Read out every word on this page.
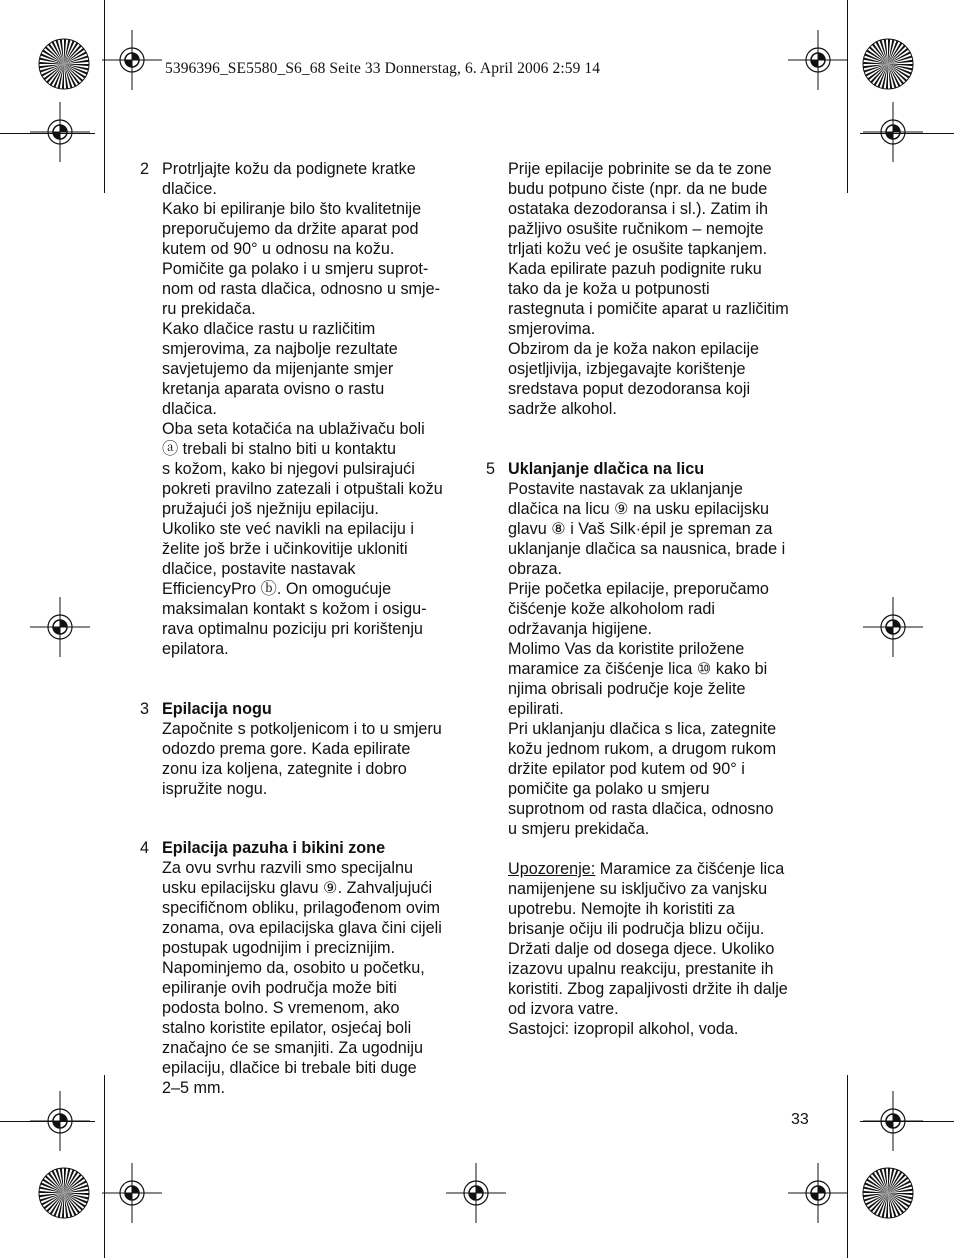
5396396_SE5580_S6_68 Seite 33 Donnerstag, 6. April 2006 2:59 14
2 Protrljajte kožu da podignete kratke

dlačice.

Kako bi epiliranje bilo što kvalitetnije

preporučujemo da držite aparat pod

kutem od 90° u odnosu na kožu.

Pomičite ga polako i u smjeru suprot-

nom od rasta dlačica, odnosno u smje-

ru prekidača.

Kako dlačice rastu u različitim

smjerovima, za najbolje rezultate

savjetujemo da mijenjante smjer

kretanja aparata ovisno o rastu

dlačica.

Oba seta kotačića na ublaživaču boli

ⓐ trebali bi stalno biti u kontaktu

s kožom, kako bi njegovi pulsirajući

pokreti pravilno zatezali i otpuštali kožu

pružajući još nježniju epilaciju.

Ukoliko ste već navikli na epilaciju i

želite još brže i učinkovitije ukloniti

dlačice, postavite nastavak

EfficiencyPro ⓑ. On omogućuje

maksimalan kontakt s kožom i osigu-

rava optimalnu poziciju pri korištenju

epilatora.

3 Epilacija nogu

Započnite s potkoljenicom i to u smjeru

odozdo prema gore. Kada epilirate

zonu iza koljena, zategnite i dobro

ispružite nogu.

4 Epilacija pazuha i bikini zone

Za ovu svrhu razvili smo specijalnu

usku epilacijsku glavu ⑨. Zahvaljujući

specifičnom obliku, prilagođenom ovim

zonama, ova epilacijska glava čini cijeli

postupak ugodnijim i preciznijim.

Napominjemo da, osobito u početku,

epiliranje ovih područja može biti

podosta bolno. S vremenom, ako

stalno koristite epilator, osjećaj boli

značajno će se smanjiti. Za ugodniju

epilaciju, dlačice bi trebale biti duge

2–5 mm.

Prije epilacije pobrinite se da te zone

budu potpuno čiste (npr. da ne bude

ostataka dezodoransa i sl.). Zatim ih

pažljivo osušite ručnikom – nemojte

trljati kožu već je osušite tapkanjem.

Kada epilirate pazuh podignite ruku

tako da je koža u potpunosti

rastegnuta i pomičite aparat u različitim

smjerovima.

Obzirom da je koža nakon epilacije

osjetljivija, izbjegavajte korištenje

sredstava poput dezodoransa koji

sadrže alkohol.

5 Uklanjanje dlačica na licu

Postavite nastavak za uklanjanje

dlačica na licu ⑨ na usku epilacijsku

glavu ⑧ i Vaš Silk·épil je spreman za

uklanjanje dlačica sa nausnica, brade i

obraza.

Prije početka epilacije, preporučamo

čišćenje kože alkoholom radi

održavanja higijene.

Molimo Vas da koristite priložene

maramice za čišćenje lica ⑩ kako bi

njima obrisali područje koje želite

epilirati.

Pri uklanjanju dlačica s lica, zategnite

kožu jednom rukom, a drugom rukom

držite epilator pod kutem od 90° i

pomičite ga polako u smjeru

suprotnom od rasta dlačica, odnosno

u smjeru prekidača.

Upozorenje: Maramice za čišćenje lica

namijenjene su isključivo za vanjsku

upotrebu. Nemojte ih koristiti za

brisanje očiju ili područja blizu očiju.

Držati dalje od dosega djece. Ukoliko

izazovu upalnu reakciju, prestanite ih

koristiti. Zbog zapaljivosti držite ih dalje

od izvora vatre.

Sastojci: izopropil alkohol, voda.

33
